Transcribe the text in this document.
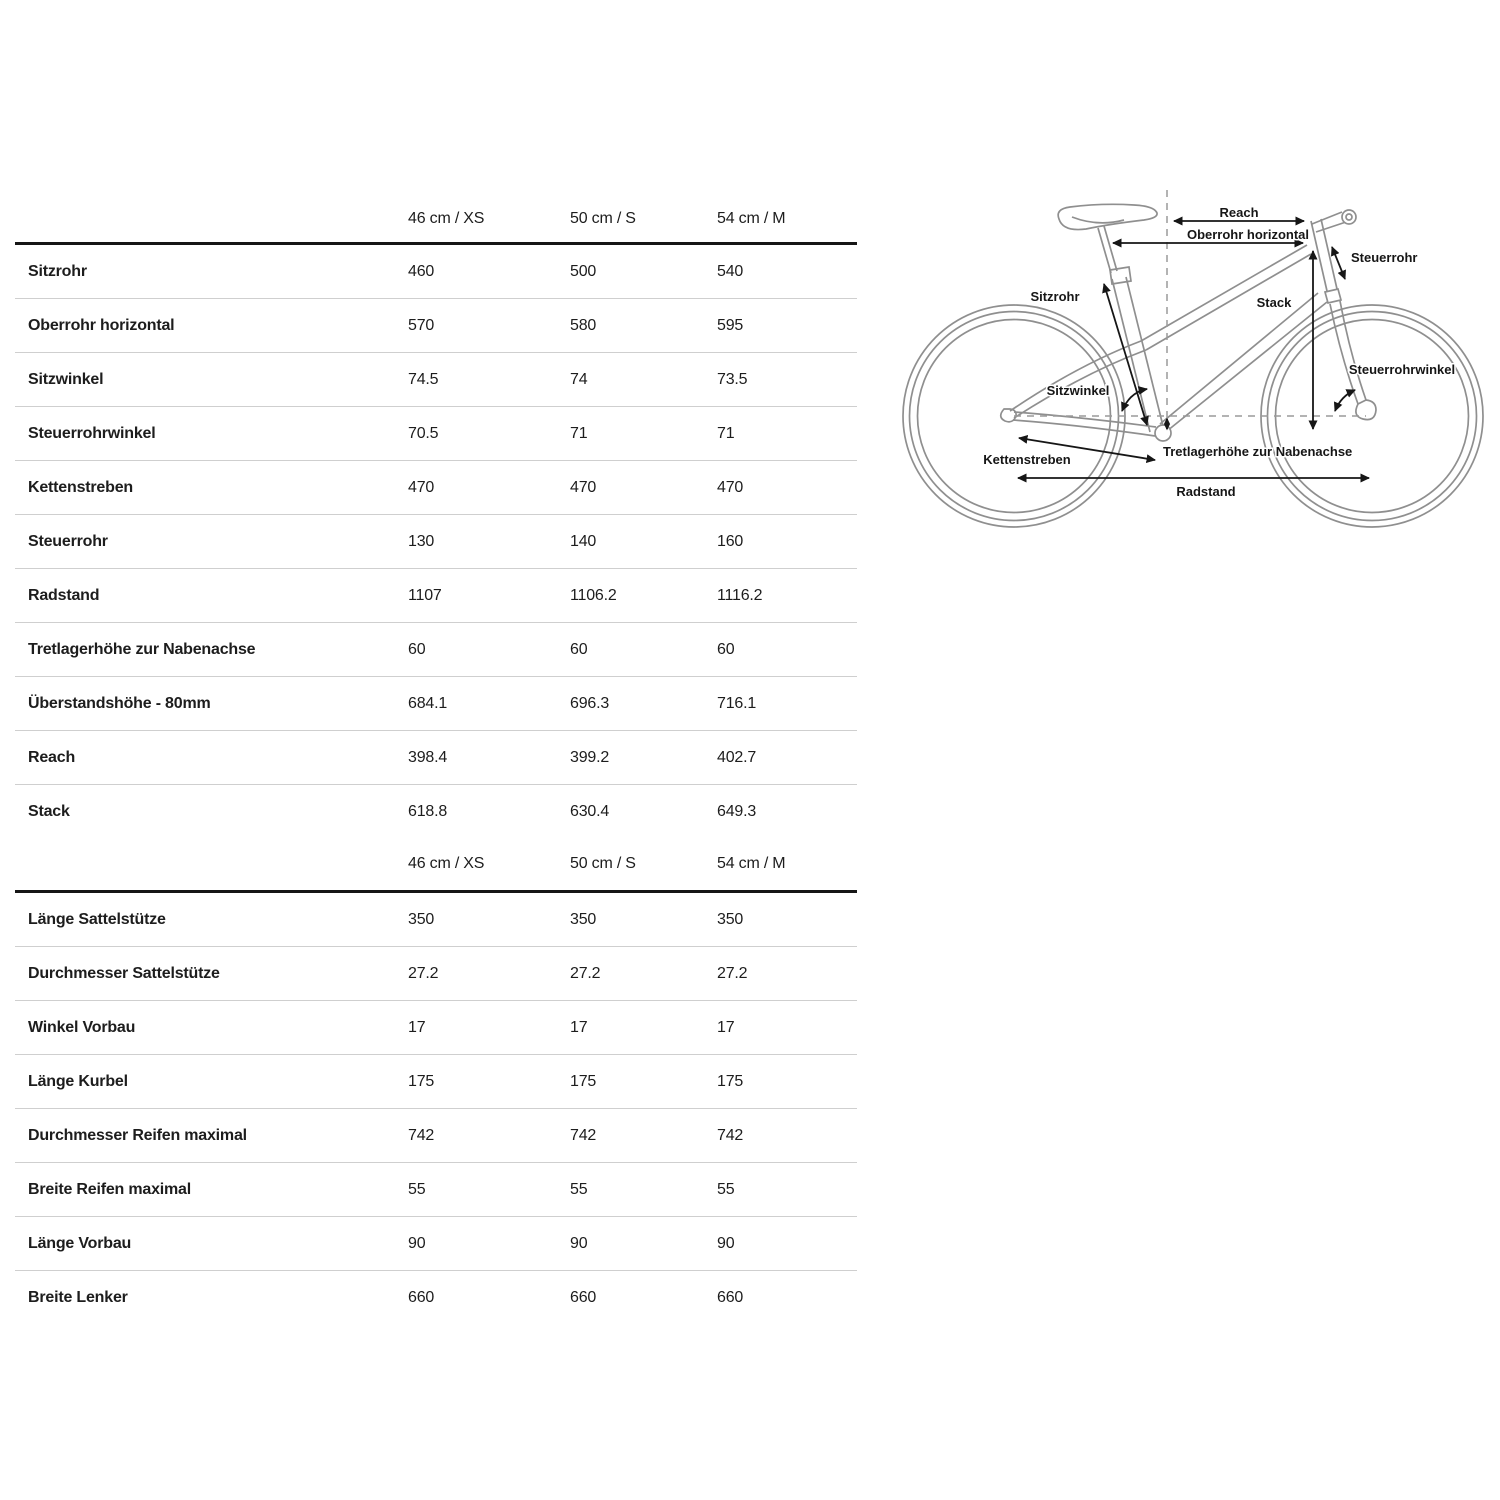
46 cm / XS	50 cm / S	54 cm / M
Sitzrohr	460	500	540
Oberrohr horizontal	570	580	595
Sitzwinkel	74.5	74	73.5
Steuerrohrwinkel	70.5	71	71
Kettenstreben	470	470	470
Steuerrohr	130	140	160
Radstand	1107	1106.2	1116.2
Tretlagerhöhe zur Nabenachse	60	60	60
Überstandshöhe - 80mm	684.1	696.3	716.1
Reach	398.4	399.2	402.7
Stack	618.8	630.4	649.3
46 cm / XS	50 cm / S	54 cm / M
Länge Sattelstütze	350	350	350
Durchmesser Sattelstütze	27.2	27.2	27.2
Winkel Vorbau	17	17	17
Länge Kurbel	175	175	175
Durchmesser Reifen maximal	742	742	742
Breite Reifen maximal	55	55	55
Länge Vorbau	90	90	90
Breite Lenker	660	660	660
Reach
Oberrohr horizontal
Steuerrohr
Sitzrohr	Stack
Sitzwinkel
Steuerrohrwinkel
Kettenstreben
Tretlagerhöhe zur Nabenachse
Radstand
